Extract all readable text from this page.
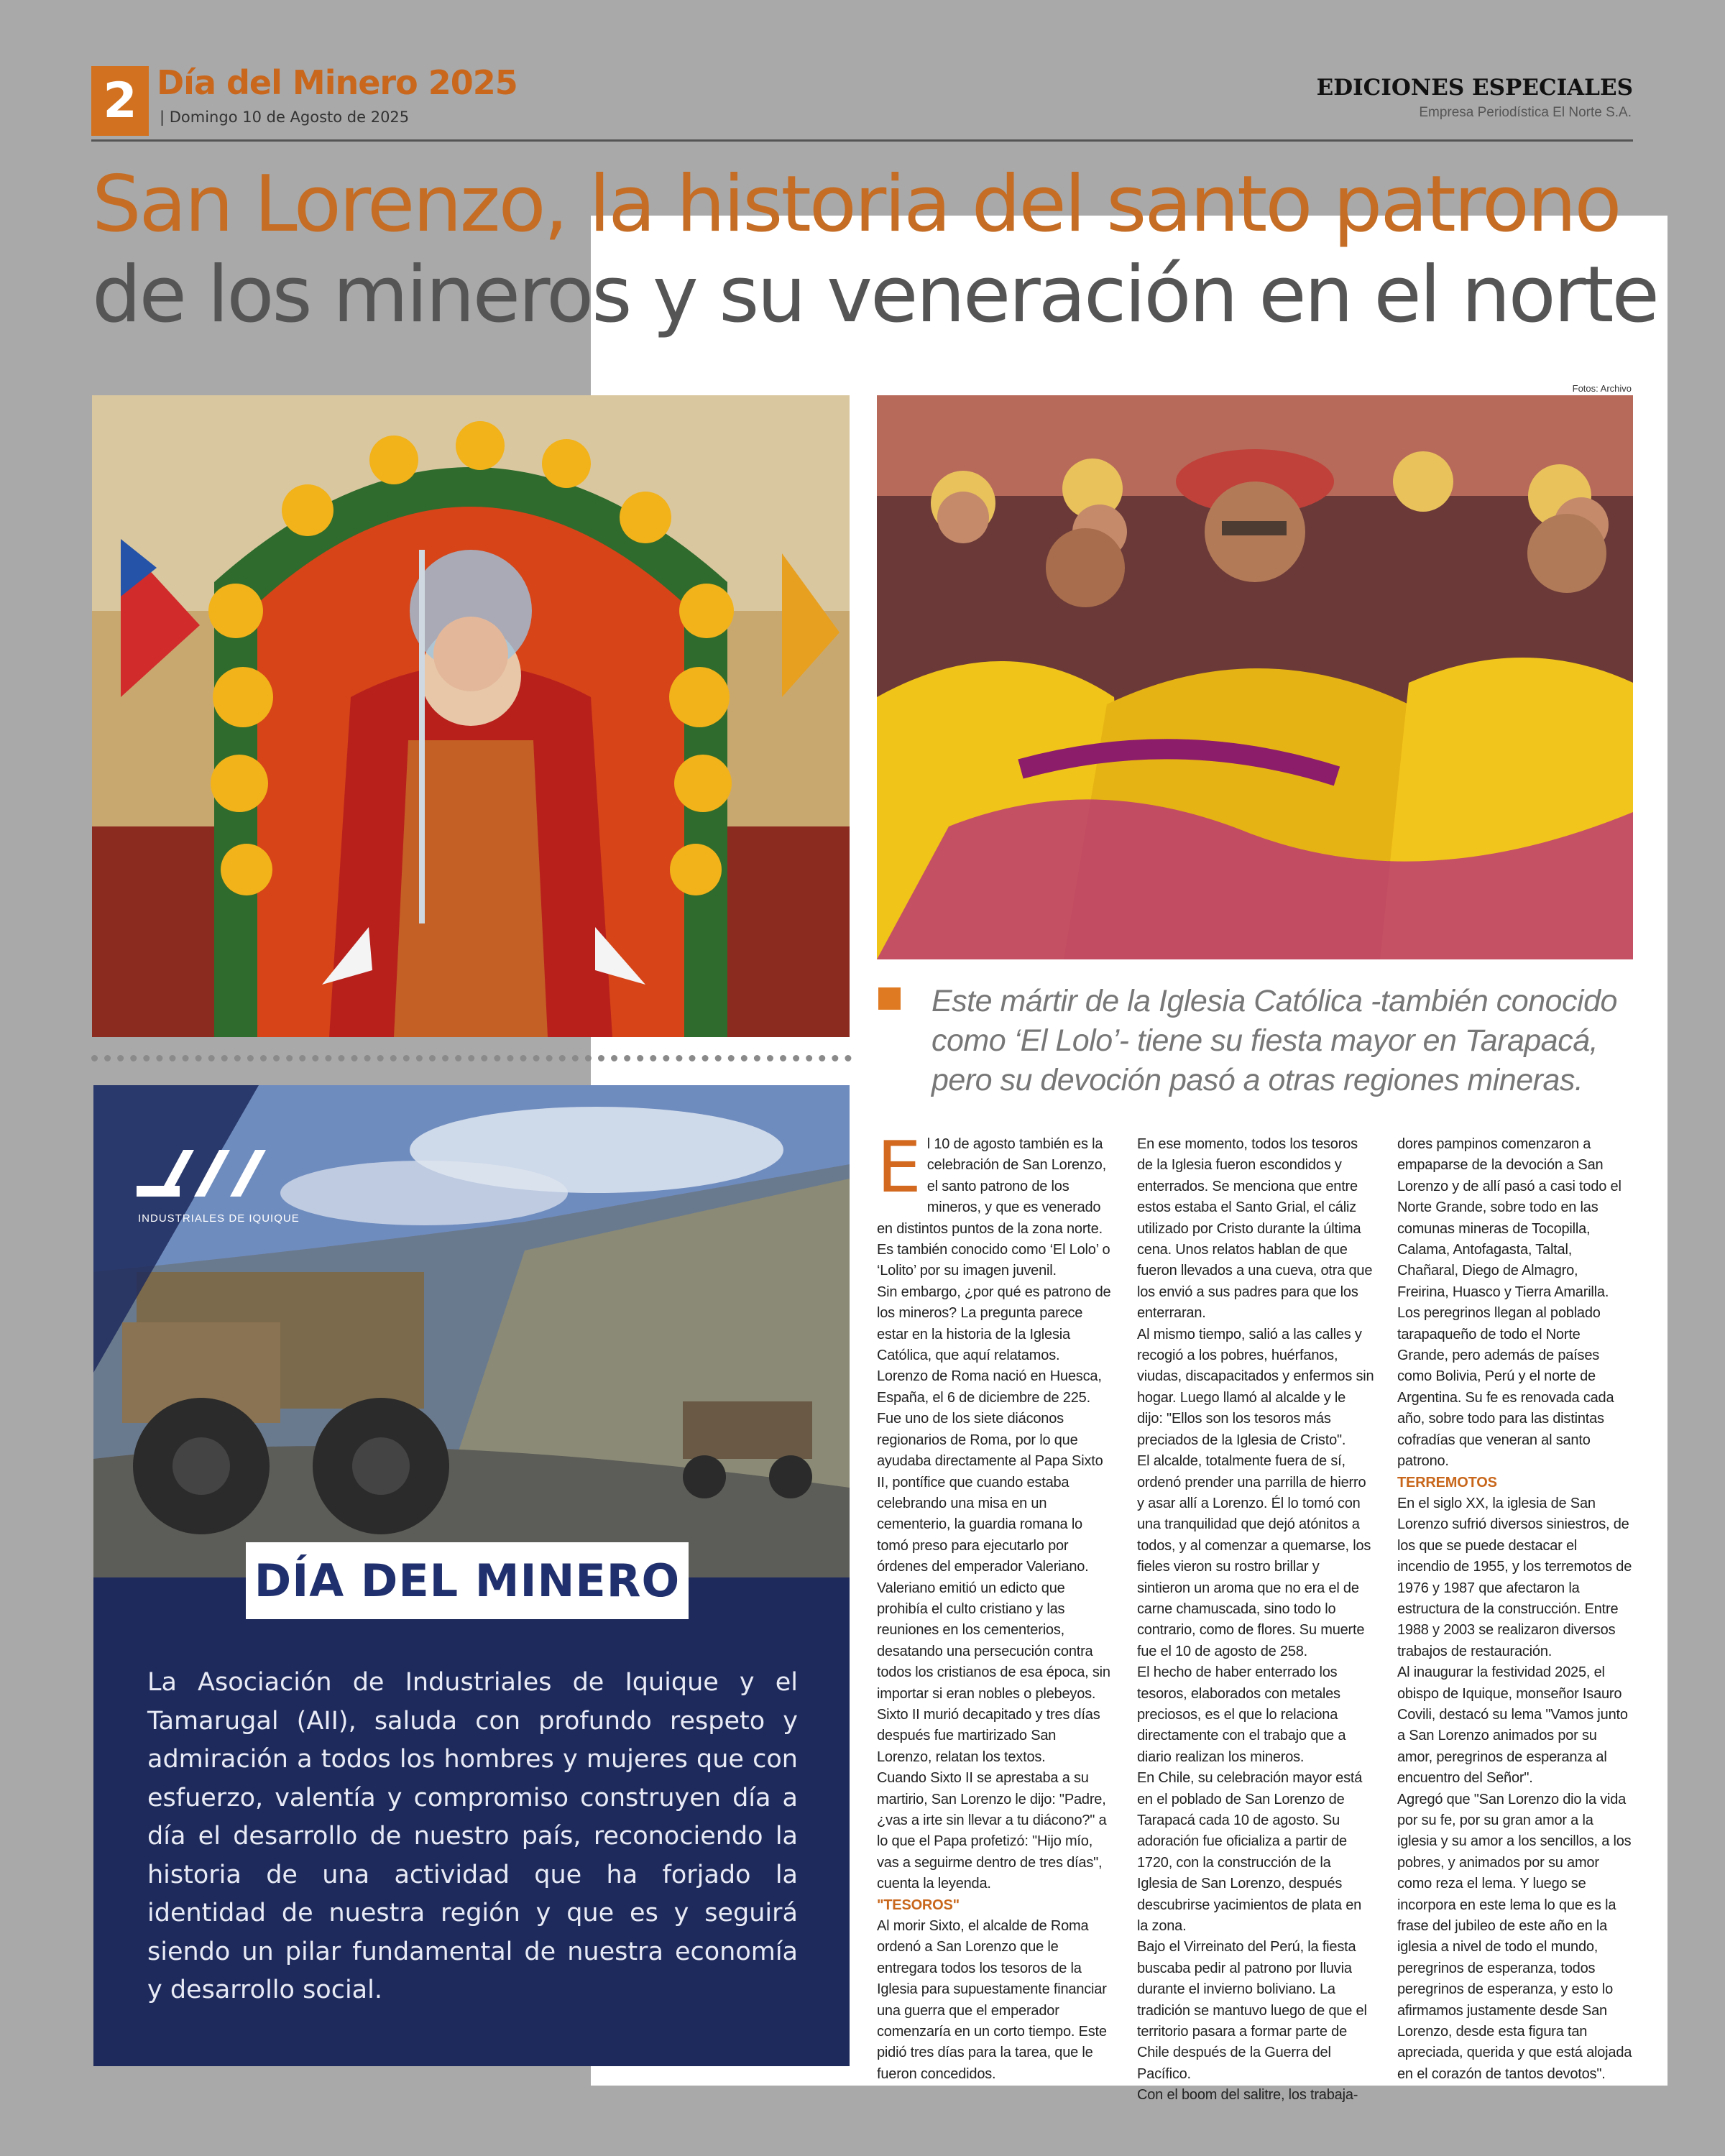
2 Día del Minero 2025
| Domingo 10 de Agosto de 2025
EDICIONES ESPECIALES
Empresa Periodística El Norte S.A.
San Lorenzo, la historia del santo patrono
de los mineros y su veneración en el norte
Fotos: Archivo
Este mártir de la Iglesia Católica -también conocido como ‘El Lolo’- tiene su fiesta mayor en Tarapacá, pero su devoción pasó a otras regiones mineras.
INDUSTRIALES DE IQUIQUE
DÍA DEL MINERO
La Asociación de Industriales de Iquique y el Tamarugal (AII), saluda con profundo respeto y admiración a todos los hombres y mujeres que con esfuerzo, valentía y compromiso construyen día a día el desarrollo de nuestro país, reconociendo la historia de una actividad que ha forjado la identidad de nuestra región y que es y seguirá siendo un pilar fundamental de nuestra economía y desarrollo social.

El 10 de agosto también es la celebración de San Lorenzo, el santo patrono de los mineros, y que es venerado en distintos puntos de la zona norte. Es también conocido como ‘El Lolo’ o ‘Lolito’ por su imagen juvenil.

Sin embargo, ¿por qué es patrono de los mineros? La pregunta parece estar en la historia de la Iglesia Católica, que aquí relatamos.

Lorenzo de Roma nació en Huesca, España, el 6 de diciembre de 225. Fue uno de los siete diáconos regionarios de Roma, por lo que ayudaba directamente al Papa Sixto II, pontífice que cuando estaba celebrando una misa en un cementerio, la guardia romana lo tomó preso para ejecutarlo por órdenes del emperador Valeriano.

Valeriano emitió un edicto que prohibía el culto cristiano y las reuniones en los cementerios, desatando una persecución contra todos los cristianos de esa época, sin importar si eran nobles o plebeyos. Sixto II murió decapitado y tres días después fue martirizado San Lorenzo, relatan los textos.

Cuando Sixto II se aprestaba a su martirio, San Lorenzo le dijo: "Padre, ¿vas a irte sin llevar a tu diácono?" a lo que el Papa profetizó: "Hijo mío, vas a seguirme dentro de tres días", cuenta la leyenda.

"TESOROS"

Al morir Sixto, el alcalde de Roma ordenó a San Lorenzo que le entregara todos los tesoros de la Iglesia para supuestamente financiar una guerra que el emperador comenzaría en un corto tiempo. Este pidió tres días para la tarea, que le fueron concedidos.

En ese momento, todos los tesoros de la Iglesia fueron escondidos y enterrados. Se menciona que entre estos estaba el Santo Grial, el cáliz utilizado por Cristo durante la última cena. Unos relatos hablan de que fueron llevados a una cueva, otra que los envió a sus padres para que los enterraran.

Al mismo tiempo, salió a las calles y recogió a los pobres, huérfanos, viudas, discapacitados y enfermos sin hogar. Luego llamó al alcalde y le dijo: "Ellos son los tesoros más preciados de la Iglesia de Cristo".

El alcalde, totalmente fuera de sí, ordenó prender una parrilla de hierro y asar allí a Lorenzo. Él lo tomó con una tranquilidad que dejó atónitos a todos, y al comenzar a quemarse, los fieles vieron su rostro brillar y sintieron un aroma que no era el de carne chamuscada, sino todo lo contrario, como de flores. Su muerte fue el 10 de agosto de 258.

El hecho de haber enterrado los tesoros, elaborados con metales preciosos, es el que lo relaciona directamente con el trabajo que a diario realizan los mineros.

En Chile, su celebración mayor está en el poblado de San Lorenzo de Tarapacá cada 10 de agosto. Su adoración fue oficializa a partir de 1720, con la construcción de la Iglesia de San Lorenzo, después descubrirse yacimientos de plata en la zona.

Bajo el Virreinato del Perú, la fiesta buscaba pedir al patrono por lluvia durante el invierno boliviano. La tradición se mantuvo luego de que el territorio pasara a formar parte de Chile después de la Guerra del Pacífico.

Con el boom del salitre, los trabaja-

dores pampinos comenzaron a empaparse de la devoción a San Lorenzo y de allí pasó a casi todo el Norte Grande, sobre todo en las comunas mineras de Tocopilla, Calama, Antofagasta, Taltal, Chañaral, Diego de Almagro, Freirina, Huasco y Tierra Amarilla.

Los peregrinos llegan al poblado tarapaqueño de todo el Norte Grande, pero además de países como Bolivia, Perú y el norte de Argentina. Su fe es renovada cada año, sobre todo para las distintas cofradías que veneran al santo patrono.

TERREMOTOS

En el siglo XX, la iglesia de San Lorenzo sufrió diversos siniestros, de los que se puede destacar el incendio de 1955, y los terremotos de 1976 y 1987 que afectaron la estructura de la construcción. Entre 1988 y 2003 se realizaron diversos trabajos de restauración.

Al inaugurar la festividad 2025, el obispo de Iquique, monseñor Isauro Covili, destacó su lema "Vamos junto a San Lorenzo animados por su amor, peregrinos de esperanza al encuentro del Señor".

Agregó que "San Lorenzo dio la vida por su fe, por su gran amor a la iglesia y su amor a los sencillos, a los pobres, y animados por su amor como reza el lema. Y luego se incorpora en este lema lo que es la frase del jubileo de este año en la iglesia a nivel de todo el mundo, peregrinos de esperanza, todos peregrinos de esperanza, y esto lo afirmamos justamente desde San Lorenzo, desde esta figura tan apreciada, querida y que está alojada en el corazón de tantos devotos".
